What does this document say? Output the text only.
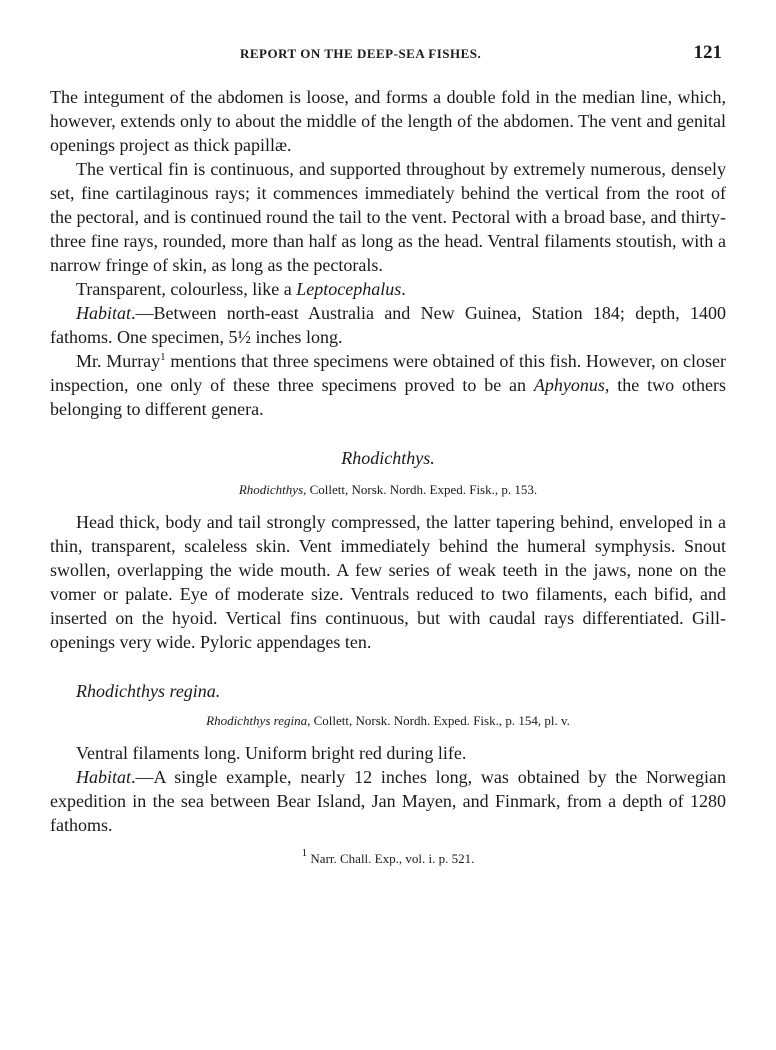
REPORT ON THE DEEP-SEA FISHES.	121

The integument of the abdomen is loose, and forms a double fold in the median line, which, however, extends only to about the middle of the length of the abdomen. The vent and genital openings project as thick papillæ.

The vertical fin is continuous, and supported throughout by extremely numerous, densely set, fine cartilaginous rays; it commences immediately behind the vertical from the root of the pectoral, and is continued round the tail to the vent. Pectoral with a broad base, and thirty-three fine rays, rounded, more than half as long as the head. Ventral filaments stoutish, with a narrow fringe of skin, as long as the pectorals.

Transparent, colourless, like a Leptocephalus.

Habitat.—Between north-east Australia and New Guinea, Station 184; depth, 1400 fathoms. One specimen, 5½ inches long.

Mr. Murray$^1$ mentions that three specimens were obtained of this fish. However, on closer inspection, one only of these three specimens proved to be an Aphyonus, the two others belonging to different genera.

Rhodichthys.

Rhodichthys, Collett, Norsk. Nordh. Exped. Fisk., p. 153.

Head thick, body and tail strongly compressed, the latter tapering behind, enveloped in a thin, transparent, scaleless skin. Vent immediately behind the humeral symphysis. Snout swollen, overlapping the wide mouth. A few series of weak teeth in the jaws, none on the vomer or palate. Eye of moderate size. Ventrals reduced to two filaments, each bifid, and inserted on the hyoid. Vertical fins continuous, but with caudal rays differentiated. Gill-openings very wide. Pyloric appendages ten.

Rhodichthys regina.

Rhodichthys regina, Collett, Norsk. Nordh. Exped. Fisk., p. 154, pl. v.

Ventral filaments long. Uniform bright red during life.

Habitat.—A single example, nearly 12 inches long, was obtained by the Norwegian expedition in the sea between Bear Island, Jan Mayen, and Finmark, from a depth of 1280 fathoms.

$^1$ Narr. Chall. Exp., vol. i. p. 521.
